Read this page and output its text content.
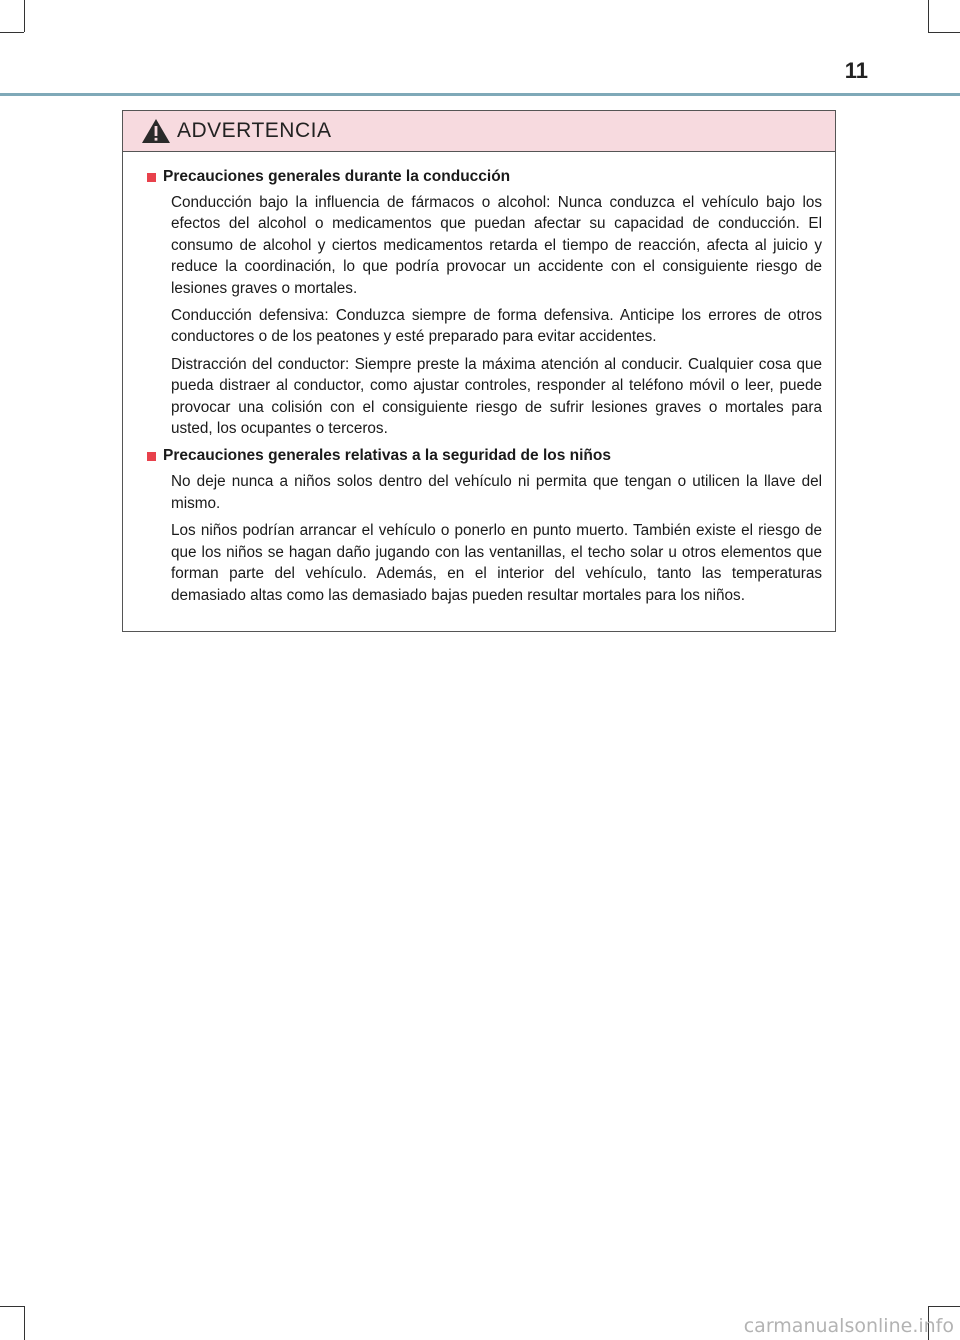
11
ADVERTENCIA
Precauciones generales durante la conducción

Conducción bajo la influencia de fármacos o alcohol: Nunca conduzca el vehículo bajo los efectos del alcohol o medicamentos que puedan afectar su capacidad de conducción. El consumo de alcohol y ciertos medicamentos retarda el tiempo de reacción, afecta al juicio y reduce la coordinación, lo que podría provocar un accidente con el consiguiente riesgo de lesiones graves o mortales.

Conducción defensiva: Conduzca siempre de forma defensiva. Anticipe los errores de otros conductores o de los peatones y esté preparado para evitar accidentes.

Distracción del conductor: Siempre preste la máxima atención al conducir. Cualquier cosa que pueda distraer al conductor, como ajustar controles, responder al teléfono móvil o leer, puede provocar una colisión con el consiguiente riesgo de sufrir lesiones graves o mortales para usted, los ocupantes o terceros.

Precauciones generales relativas a la seguridad de los niños

No deje nunca a niños solos dentro del vehículo ni permita que tengan o utilicen la llave del mismo.

Los niños podrían arrancar el vehículo o ponerlo en punto muerto. También existe el riesgo de que los niños se hagan daño jugando con las ventanillas, el techo solar u otros elementos que forman parte del vehículo. Además, en el interior del vehículo, tanto las temperaturas demasiado altas como las demasiado bajas pueden resultar mortales para los niños.

carmanualsonline.info
